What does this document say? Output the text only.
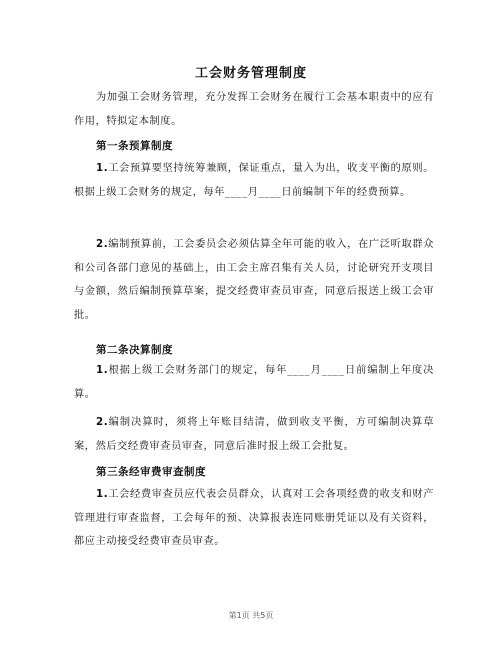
工会财务管理制度
为加强工会财务管理，充分发挥工会财务在履行工会基本职责中的应有作用，特拟定本制度。
第一条预算制度
1.工会预算要坚持统筹兼顾，保证重点，量入为出，收支平衡的原则。根据上级工会财务的规定，每年____月____日前编制下年的经费预算。
2.编制预算前，工会委员会必须估算全年可能的收入，在广泛听取群众和公司各部门意见的基础上，由工会主席召集有关人员，讨论研究开支项目与金额，然后编制预算草案，提交经费审查员审查，同意后报送上级工会审批。
第二条决算制度
1.根据上级工会财务部门的规定，每年____月____日前编制上年度决算。
2.编制决算时，须将上年账目结清，做到收支平衡，方可编制决算草案，然后交经费审查员审查，同意后准时报上级工会批复。
第三条经审费审查制度
1.工会经费审查员应代表会员群众，认真对工会各项经费的收支和财产管理进行审查监督，工会每年的预、决算报表连同账册凭证以及有关资料，都应主动接受经费审查员审查。
第1页 共5页
